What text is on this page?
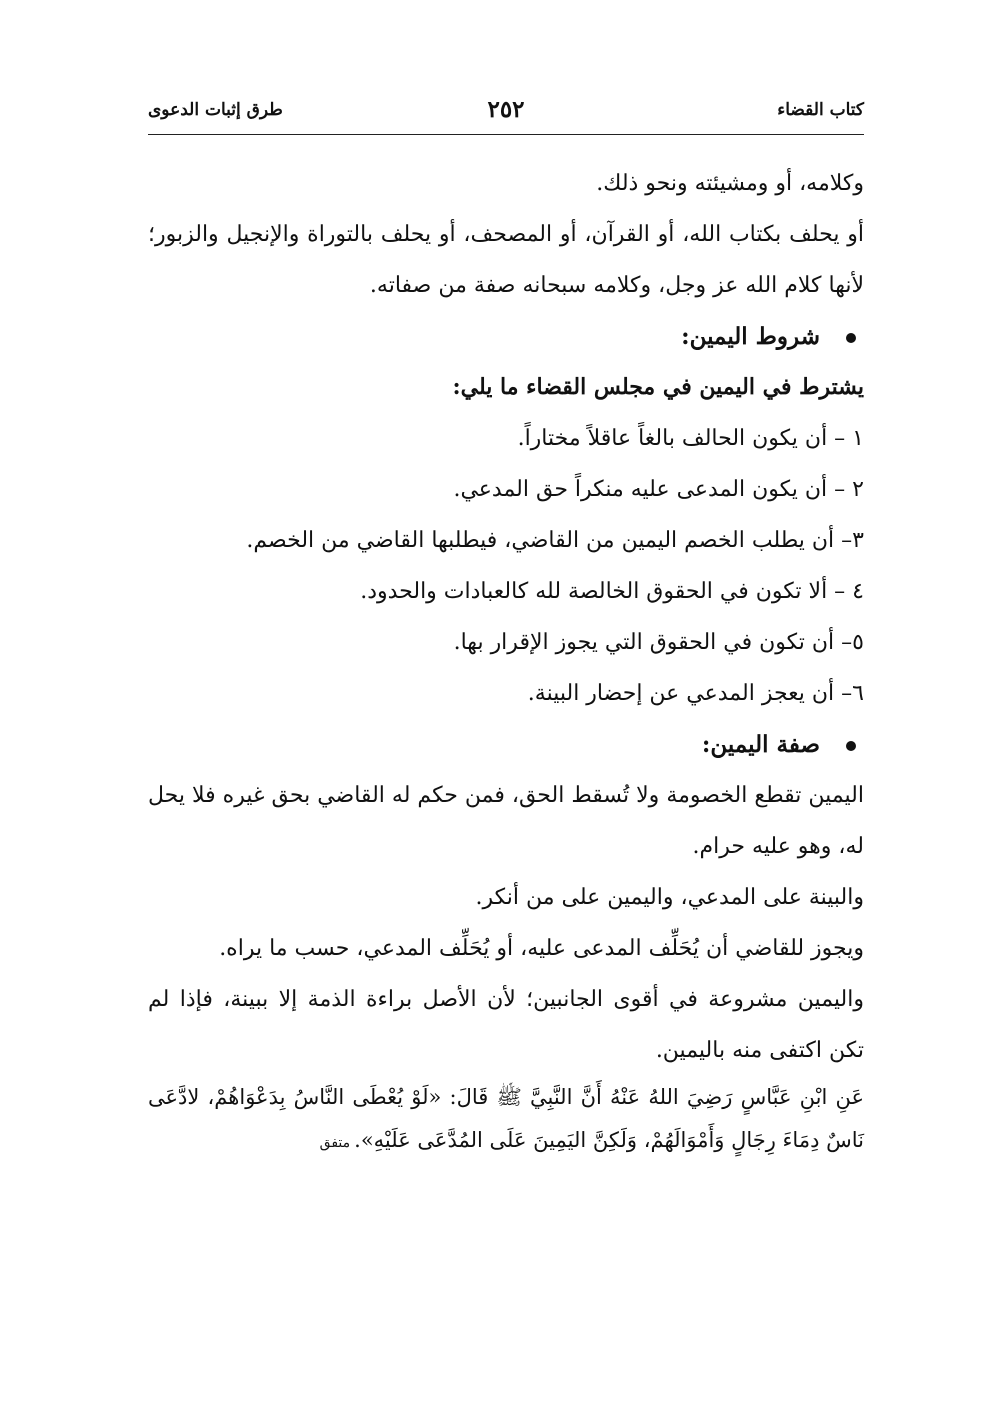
كتاب القضاء
٢٥٢
طرق إثبات الدعوى

وكلامه، أو ومشيئته ونحو ذلك.

أو يحلف بكتاب الله، أو القرآن، أو المصحف، أو يحلف بالتوراة والإنجيل والزبور؛ لأنها كلام الله عز وجل، وكلامه سبحانه صفة من صفاته.

شروط اليمين:

يشترط في اليمين في مجلس القضاء ما يلي:

١ – أن يكون الحالف بالغاً عاقلاً مختاراً.

٢ – أن يكون المدعى عليه منكراً حق المدعي.

٣– أن يطلب الخصم اليمين من القاضي، فيطلبها القاضي من الخصم.

٤ – ألا تكون في الحقوق الخالصة لله كالعبادات والحدود.

٥– أن تكون في الحقوق التي يجوز الإقرار بها.

٦– أن يعجز المدعي عن إحضار البينة.

صفة اليمين:

اليمين تقطع الخصومة ولا تُسقط الحق، فمن حكم له القاضي بحق غيره فلا يحل له، وهو عليه حرام.

والبينة على المدعي، واليمين على من أنكر.

ويجوز للقاضي أن يُحَلِّف المدعى عليه، أو يُحَلِّف المدعي، حسب ما يراه.

واليمين مشروعة في أقوى الجانبين؛ لأن الأصل براءة الذمة إلا ببينة، فإذا لم تكن اكتفى منه باليمين.

عَنِ ابْنِ عَبَّاسٍ رَضِيَ اللهُ عَنْهُ أَنَّ النَّبِيَّ ﷺ قَالَ: «لَوْ يُعْطَى النَّاسُ بِدَعْوَاهُمْ، لادَّعَى نَاسٌ دِمَاءَ رِجَالٍ وَأَمْوَالَهُمْ، وَلَكِنَّ اليَمِينَ عَلَى المُدَّعَى عَلَيْهِ».متفق
